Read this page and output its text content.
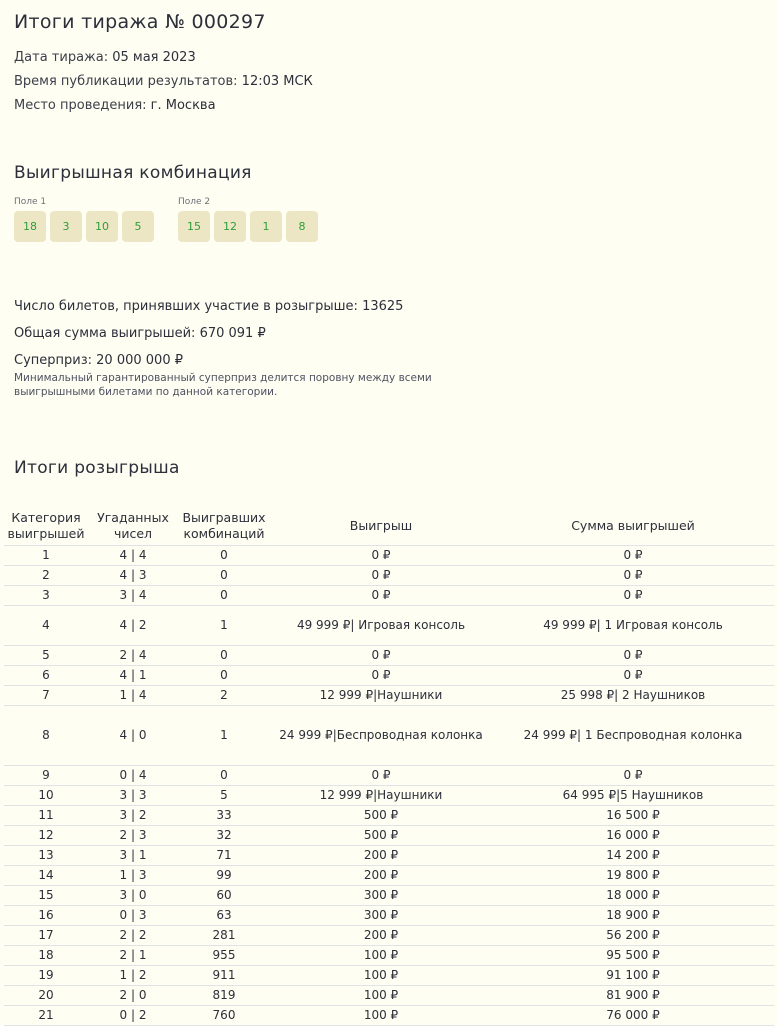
Итоги тиража № 000297
Дата тиража: 05 мая 2023
Время публикации результатов: 12:03 МСК
Место проведения: г. Москва
Выигрышная комбинация
Поле 1
18	3	10	5
Поле 2
15	12	1	8
Число билетов, принявших участие в розыгрыше: 13625
Общая сумма выигрышей: 670 091 ₽
Суперприз: 20 000 000 ₽
Минимальный гарантированный суперприз делится поровну между всеми выигрышными билетами по данной категории.
Итоги розыгрыша
Категория выигрышей	Угаданных чисел	Выигравших комбинаций	Выигрыш	Сумма выигрышей
1	4 | 4	0	0 ₽	0 ₽
2	4 | 3	0	0 ₽	0 ₽
3	3 | 4	0	0 ₽	0 ₽
4	4 | 2	1	49 999 ₽| Игровая консоль	49 999 ₽| 1 Игровая консоль
5	2 | 4	0	0 ₽	0 ₽
6	4 | 1	0	0 ₽	0 ₽
7	1 | 4	2	12 999 ₽|Наушники	25 998 ₽| 2 Наушников
8	4 | 0	1	24 999 ₽|Беспроводная колонка	24 999 ₽| 1 Беспроводная колонка
9	0 | 4	0	0 ₽	0 ₽
10	3 | 3	5	12 999 ₽|Наушники	64 995 ₽|5 Наушников
11	3 | 2	33	500 ₽	16 500 ₽
12	2 | 3	32	500 ₽	16 000 ₽
13	3 | 1	71	200 ₽	14 200 ₽
14	1 | 3	99	200 ₽	19 800 ₽
15	3 | 0	60	300 ₽	18 000 ₽
16	0 | 3	63	300 ₽	18 900 ₽
17	2 | 2	281	200 ₽	56 200 ₽
18	2 | 1	955	100 ₽	95 500 ₽
19	1 | 2	911	100 ₽	91 100 ₽
20	2 | 0	819	100 ₽	81 900 ₽
21	0 | 2	760	100 ₽	76 000 ₽
